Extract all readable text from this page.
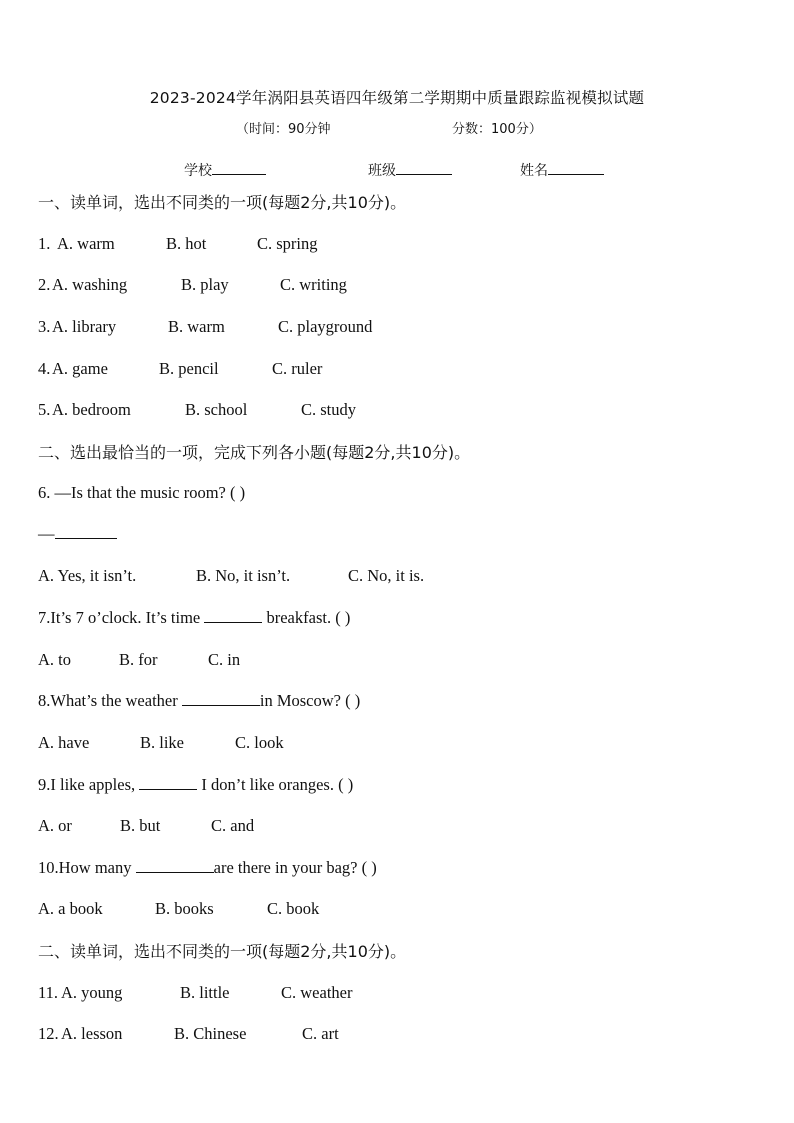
2023-2024学年涡阳县英语四年级第二学期期中质量跟踪监视模拟试题
（时间：90分钟	分数：100分）
学校	班级	姓名
一、读单词，选出不同类的一项(每题2分,共10分)。
1. A. warm	B. hot	C. spring
2. A. washing	B. play	C. writing
3. A. library	B. warm	C. playground
4. A. game	B. pencil	C. ruler
5. A. bedroom	B. school	C. study
二、选出最恰当的一项，完成下列各小题(每题2分,共10分)。
6. —Is that the music room? ( )
—
A. Yes, it isn’t.	B. No, it isn’t.	C. No, it is.
7.It’s 7 o’clock. It’s time	breakfast. ( )
A. to	B. for	C. in
8.What’s the weather	in Moscow? ( )
A. have	B. like	C. look
9.I like apples,	I don’t like oranges. ( )
A. or	B. but	C. and
10.How many	are there in your bag? ( )
A. a book	B. books	C. book
二、读单词，选出不同类的一项(每题2分,共10分)。
11. A. young	B. little	C. weather
12. A. lesson	B. Chinese	C. art
